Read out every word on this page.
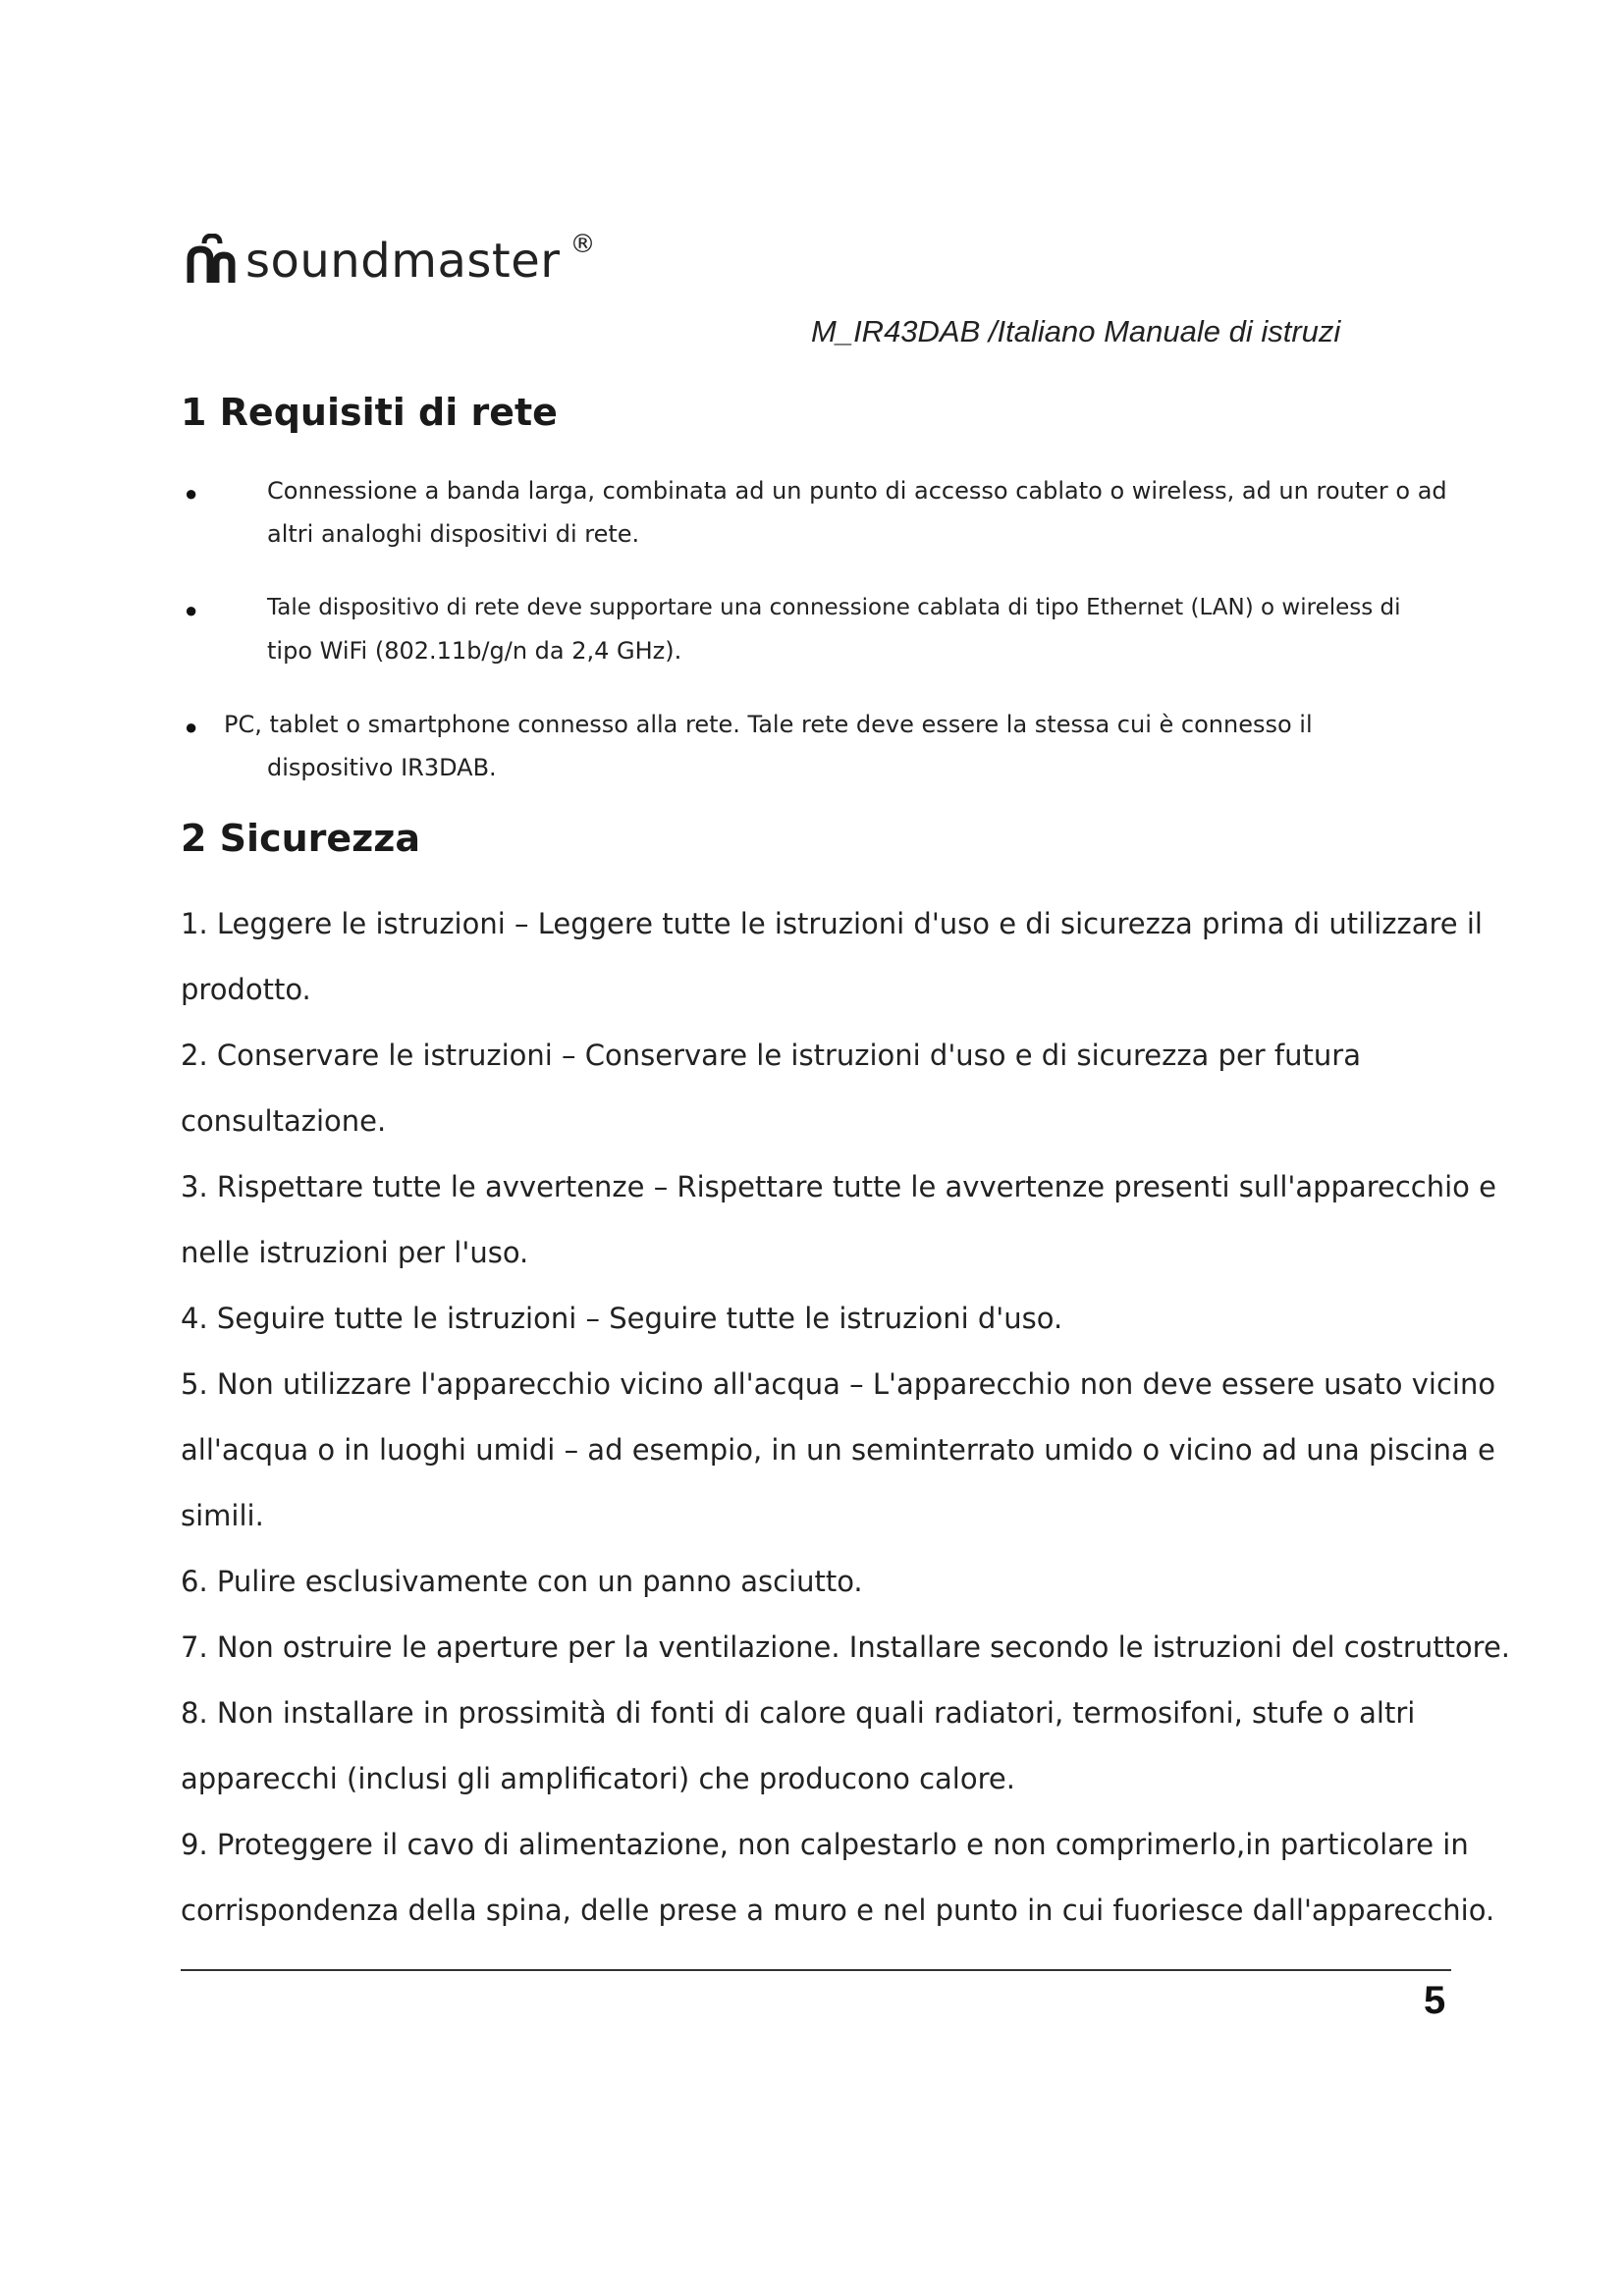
soundmaster ®
M_IR43DAB /Italiano Manuale di istruzi
1 Requisiti di rete
●	Connessione a banda larga, combinata ad un punto di accesso cablato o wireless, ad un router o ad
altri analoghi dispositivi di rete.
●	Tale dispositivo di rete deve supportare una connessione cablata di tipo Ethernet (LAN) o wireless di
tipo WiFi (802.11b/g/n da 2,4 GHz).
● PC, tablet o smartphone connesso alla rete. Tale rete deve essere la stessa cui è connesso il
dispositivo IR3DAB.
2 Sicurezza
1. Leggere le istruzioni – Leggere tutte le istruzioni d'uso e di sicurezza prima di utilizzare il
prodotto.
2. Conservare le istruzioni – Conservare le istruzioni d'uso e di sicurezza per futura
consultazione.
3. Rispettare tutte le avvertenze – Rispettare tutte le avvertenze presenti sull'apparecchio e
nelle istruzioni per l'uso.
4. Seguire tutte le istruzioni – Seguire tutte le istruzioni d'uso.
5. Non utilizzare l'apparecchio vicino all'acqua – L'apparecchio non deve essere usato vicino
all'acqua o in luoghi umidi – ad esempio, in un seminterrato umido o vicino ad una piscina e
simili.
6. Pulire esclusivamente con un panno asciutto.
7. Non ostruire le aperture per la ventilazione. Installare secondo le istruzioni del costruttore.
8. Non installare in prossimità di fonti di calore quali radiatori, termosifoni, stufe o altri
apparecchi (inclusi gli amplificatori) che producono calore.
9. Proteggere il cavo di alimentazione, non calpestarlo e non comprimerlo,in particolare in
corrispondenza della spina, delle prese a muro e nel punto in cui fuoriesce dall'apparecchio.
5
